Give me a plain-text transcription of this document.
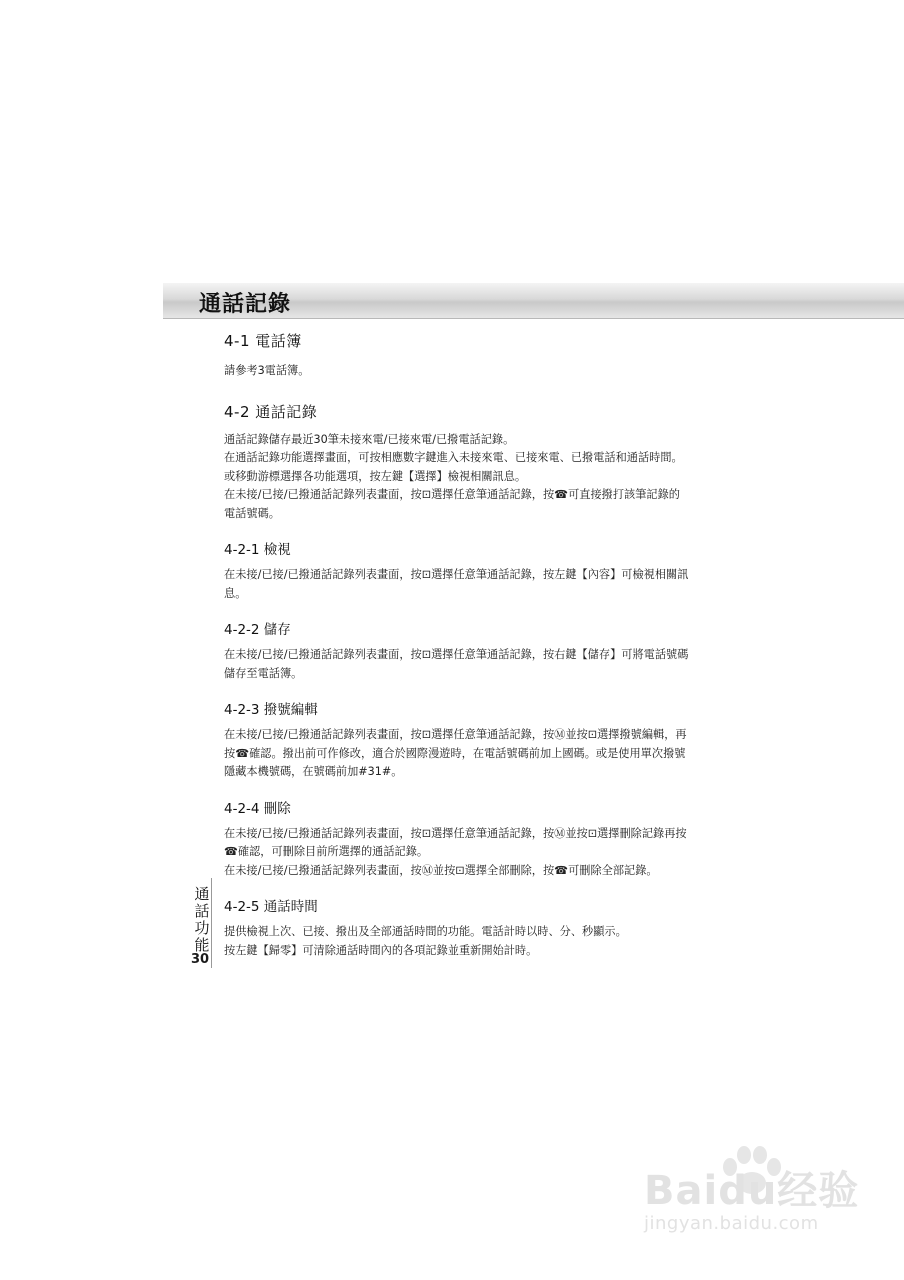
通話記錄
4-1 電話簿

請參考3電話簿。

4-2 通話記錄

通話記錄儲存最近30筆未接來電/已接來電/已撥電話記錄。

在通話記錄功能選擇畫面，可按相應數字鍵進入未接來電、已接來電、已撥電話和通話時間。或移動游標選擇各功能選項，按左鍵【選擇】檢視相關訊息。

在未接/已接/已撥通話記錄列表畫面，按⊡選擇任意筆通話記錄，按☎可直接撥打該筆記錄的電話號碼。

4-2-1 檢視

在未接/已接/已撥通話記錄列表畫面，按⊡選擇任意筆通話記錄，按左鍵【內容】可檢視相關訊息。

4-2-2 儲存

在未接/已接/已撥通話記錄列表畫面，按⊡選擇任意筆通話記錄，按右鍵【儲存】可將電話號碼儲存至電話簿。

4-2-3 撥號編輯

在未接/已接/已撥通話記錄列表畫面，按⊡選擇任意筆通話記錄，按Ⓜ並按⊡選擇撥號編輯，再按☎確認。撥出前可作修改，適合於國際漫遊時，在電話號碼前加上國碼。或是使用單次撥號隱藏本機號碼，在號碼前加#31#。

4-2-4 刪除

在未接/已接/已撥通話記錄列表畫面，按⊡選擇任意筆通話記錄，按Ⓜ並按⊡選擇刪除記錄再按☎確認，可刪除目前所選擇的通話記錄。

在未接/已接/已撥通話記錄列表畫面，按Ⓜ並按⊡選擇全部刪除，按☎可刪除全部記錄。

4-2-5 通話時間

提供檢視上次、已接、撥出及全部通話時間的功能。電話計時以時、分、秒顯示。

按左鍵【歸零】可清除通話時間內的各項記錄並重新開始計時。

通話功能
30
Baidu经验
jingyan.baidu.com
